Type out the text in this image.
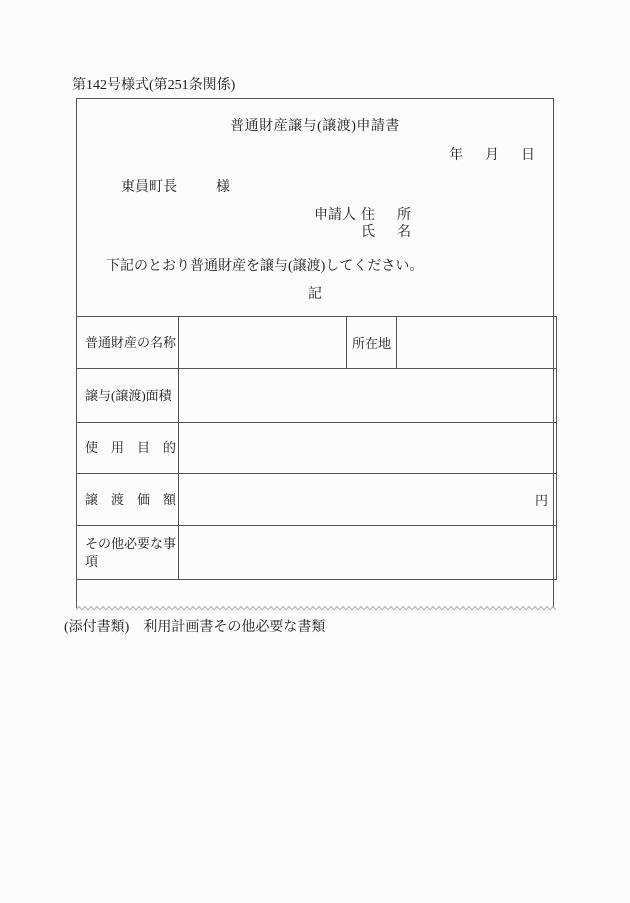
第142号様式(第251条関係)
普通財産譲与(譲渡)申請書
年 月 日
東員町長	様
申請人 住　所
氏　名
下記のとおり普通財産を譲与(譲渡)してください。
記
普通財産の名称		所在地	
譲与(譲渡)面積			
使　用　目　的			
譲　渡　価　額	円		
その他必要な事項			
(添付書類)　利用計画書その他必要な書類
